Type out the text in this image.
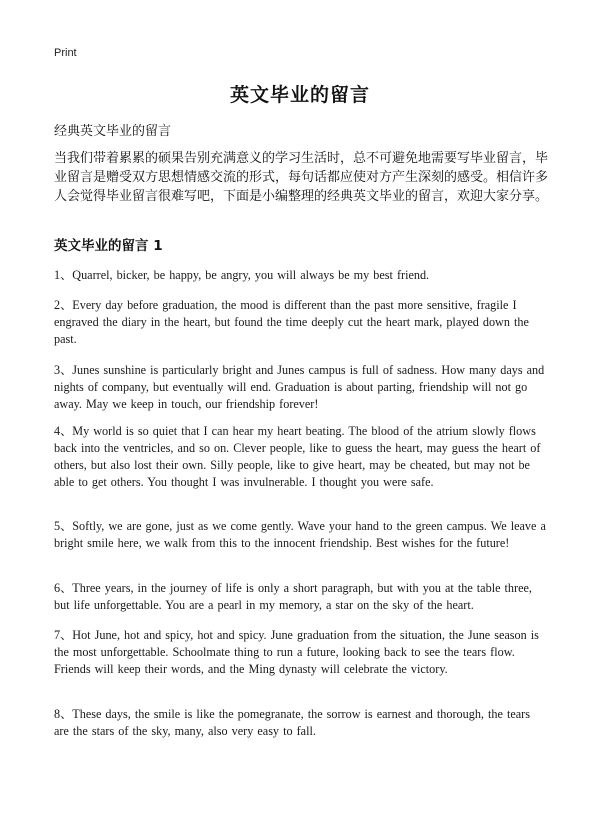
Print
英文毕业的留言
经典英文毕业的留言

当我们带着累累的硕果告别充满意义的学习生活时，总不可避免地需要写毕业留言，毕业留言是赠受双方思想情感交流的形式，每句话都应使对方产生深刻的感受。相信许多人会觉得毕业留言很难写吧，下面是小编整理的经典英文毕业的留言，欢迎大家分享。

英文毕业的留言 1

1、Quarrel, bicker, be happy, be angry, you will always be my best friend.

2、Every day before graduation, the mood is different than the past more sensitive, fragile I engraved the diary in the heart, but found the time deeply cut the heart mark, played down the past.

3、Junes sunshine is particularly bright and Junes campus is full of sadness. How many days and nights of company, but eventually will end. Graduation is about parting, friendship will not go away. May we keep in touch, our friendship forever!

4、My world is so quiet that I can hear my heart beating. The blood of the atrium slowly flows back into the ventricles, and so on. Clever people, like to guess the heart, may guess the heart of others, but also lost their own. Silly people, like to give heart, may be cheated, but may not be able to get others. You thought I was invulnerable. I thought you were safe.

5、Softly, we are gone, just as we come gently. Wave your hand to the green campus. We leave a bright smile here, we walk from this to the innocent friendship. Best wishes for the future!

6、Three years, in the journey of life is only a short paragraph, but with you at the table three, but life unforgettable. You are a pearl in my memory, a star on the sky of the heart.

7、Hot June, hot and spicy, hot and spicy. June graduation from the situation, the June season is the most unforgettable. Schoolmate thing to run a future, looking back to see the tears flow. Friends will keep their words, and the Ming dynasty will celebrate the victory.

8、These days, the smile is like the pomegranate, the sorrow is earnest and thorough, the tears are the stars of the sky, many, also very easy to fall.
